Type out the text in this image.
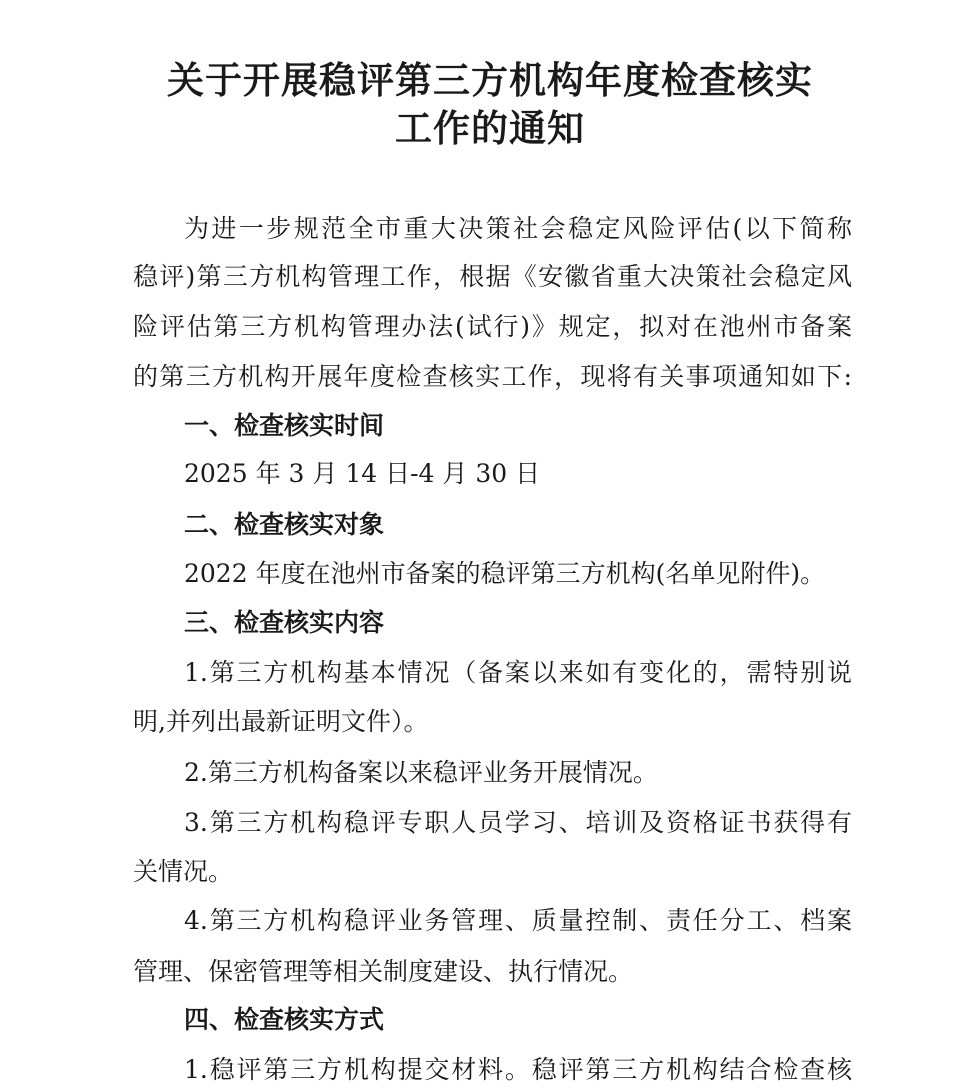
关于开展稳评第三方机构年度检查核实
工作的通知
为进一步规范全市重大决策社会稳定风险评估(以下简称
稳评)第三方机构管理工作，根据《安徽省重大决策社会稳定风
险评估第三方机构管理办法(试行)》规定，拟对在池州市备案
的第三方机构开展年度检查核实工作，现将有关事项通知如下:
一、检查核实时间
2025 年 3 月 14 日-4 月 30 日
二、检查核实对象
2022 年度在池州市备案的稳评第三方机构(名单见附件)。
三、检查核实内容
1.第三方机构基本情况（备案以来如有变化的，需特别说
明,并列出最新证明文件）。
2.第三方机构备案以来稳评业务开展情况。
3.第三方机构稳评专职人员学习、培训及资格证书获得有
关情况。
4.第三方机构稳评业务管理、质量控制、责任分工、档案
管理、保密管理等相关制度建设、执行情况。
四、检查核实方式
1.稳评第三方机构提交材料。稳评第三方机构结合检查核
